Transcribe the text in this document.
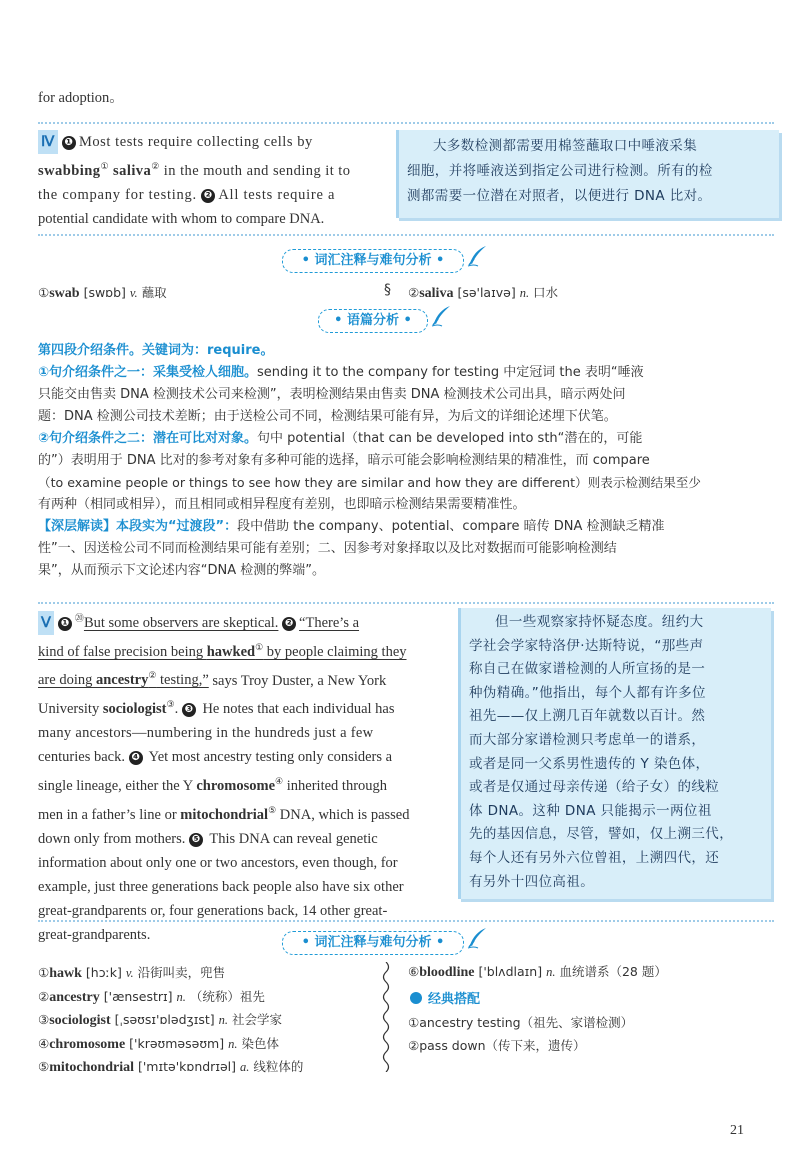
for adoption。
Ⅳ ❶ Most tests require collecting cells by
swabbing① saliva② in the mouth and sending it to
the company for testing. ❷ All tests require a
potential candidate with whom to compare DNA.
大多数检测都需要用棉签蘸取口中唾液采集
细胞，并将唾液送到指定公司进行检测。所有的检
测都需要一位潜在对照者，以便进行 DNA 比对。
• 词汇注释与难句分析 •
①swab [swɒb] v. 蘸取	§ ②saliva [sə'laɪvə] n. 口水
• 语篇分析 •
第四段介绍条件。关键词为：require。
①句介绍条件之一：采集受检人细胞。sending it to the company for testing 中定冠词 the 表明“唾液
只能交由售卖 DNA 检测技术公司来检测”，表明检测结果由售卖 DNA 检测技术公司出具，暗示两处问
题：DNA 检测公司技术差断；由于送检公司不同，检测结果可能有异，为后文的详细论述埋下伏笔。
②句介绍条件之二：潜在可比对对象。句中 potential（that can be developed into sth“潜在的，可能
的”）表明用于 DNA 比对的参考对象有多种可能的选择，暗示可能会影响检测结果的精准性，而 compare
（to examine people or things to see how they are similar and how they are different）则表示检测结果至少
有两种（相同或相异），而且相同或相异程度有差别，也即暗示检测结果需要精准性。
【深层解读】本段实为“过渡段”：段中借助 the company、potential、compare 暗传 DNA 检测缺乏精准
性”一、因送检公司不同而检测结果可能有差别；二、因参考对象择取以及比对数据而可能影响检测结
果”，从而预示下文论述内容“DNA 检测的弊端”。
Ⅴ ❶ ⑳But some observers are skeptical. ❷ “There’s a
kind of false precision being hawked① by people claiming they
are doing ancestry② testing,” says Troy Duster, a New York
University sociologist③. ❸ He notes that each individual has
many ancestors—numbering in the hundreds just a few
centuries back. ❹ Yet most ancestry testing only considers a
single lineage, either the Y chromosome④ inherited through
men in a father’s line or mitochondrial⑤ DNA, which is passed
down only from mothers. ❺ This DNA can reveal genetic
information about only one or two ancestors, even though, for
example, just three generations back people also have six other
great-grandparents or, four generations back, 14 other great-
great-grandparents.
但一些观察家持怀疑态度。纽约大
学社会学家特洛伊·达斯特说，“那些声
称自己在做家谱检测的人所宣扬的是一
种伪精确。”他指出，每个人都有许多位
祖先——仅上溯几百年就数以百计。然
而大部分家谱检测只考虑单一的谱系，
或者是同一父系男性遗传的 Y 染色体，
或者是仅通过母亲传递（给子女）的线粒
体 DNA。这种 DNA 只能揭示一两位祖
先的基因信息，尽管，譬如，仅上溯三代，
每个人还有另外六位曾祖，上溯四代，还
有另外十四位高祖。
• 词汇注释与难句分析 •
①hawk [hɔːk] v. 沿街叫卖，兜售
②ancestry ['ænsestrɪ] n. （统称）祖先
③sociologist [ˌsəʊsɪ'ɒlədʒɪst] n. 社会学家
④chromosome ['krəʊməsəʊm] n. 染色体
⑤mitochondrial ['mɪtə'kɒndrɪəl] a. 线粒体的
⑥bloodline ['blʌdlaɪn] n. 血统谱系（28 题）
经典搭配
①ancestry testing（祖先、家谱检测）
②pass down（传下来，遗传）
21
